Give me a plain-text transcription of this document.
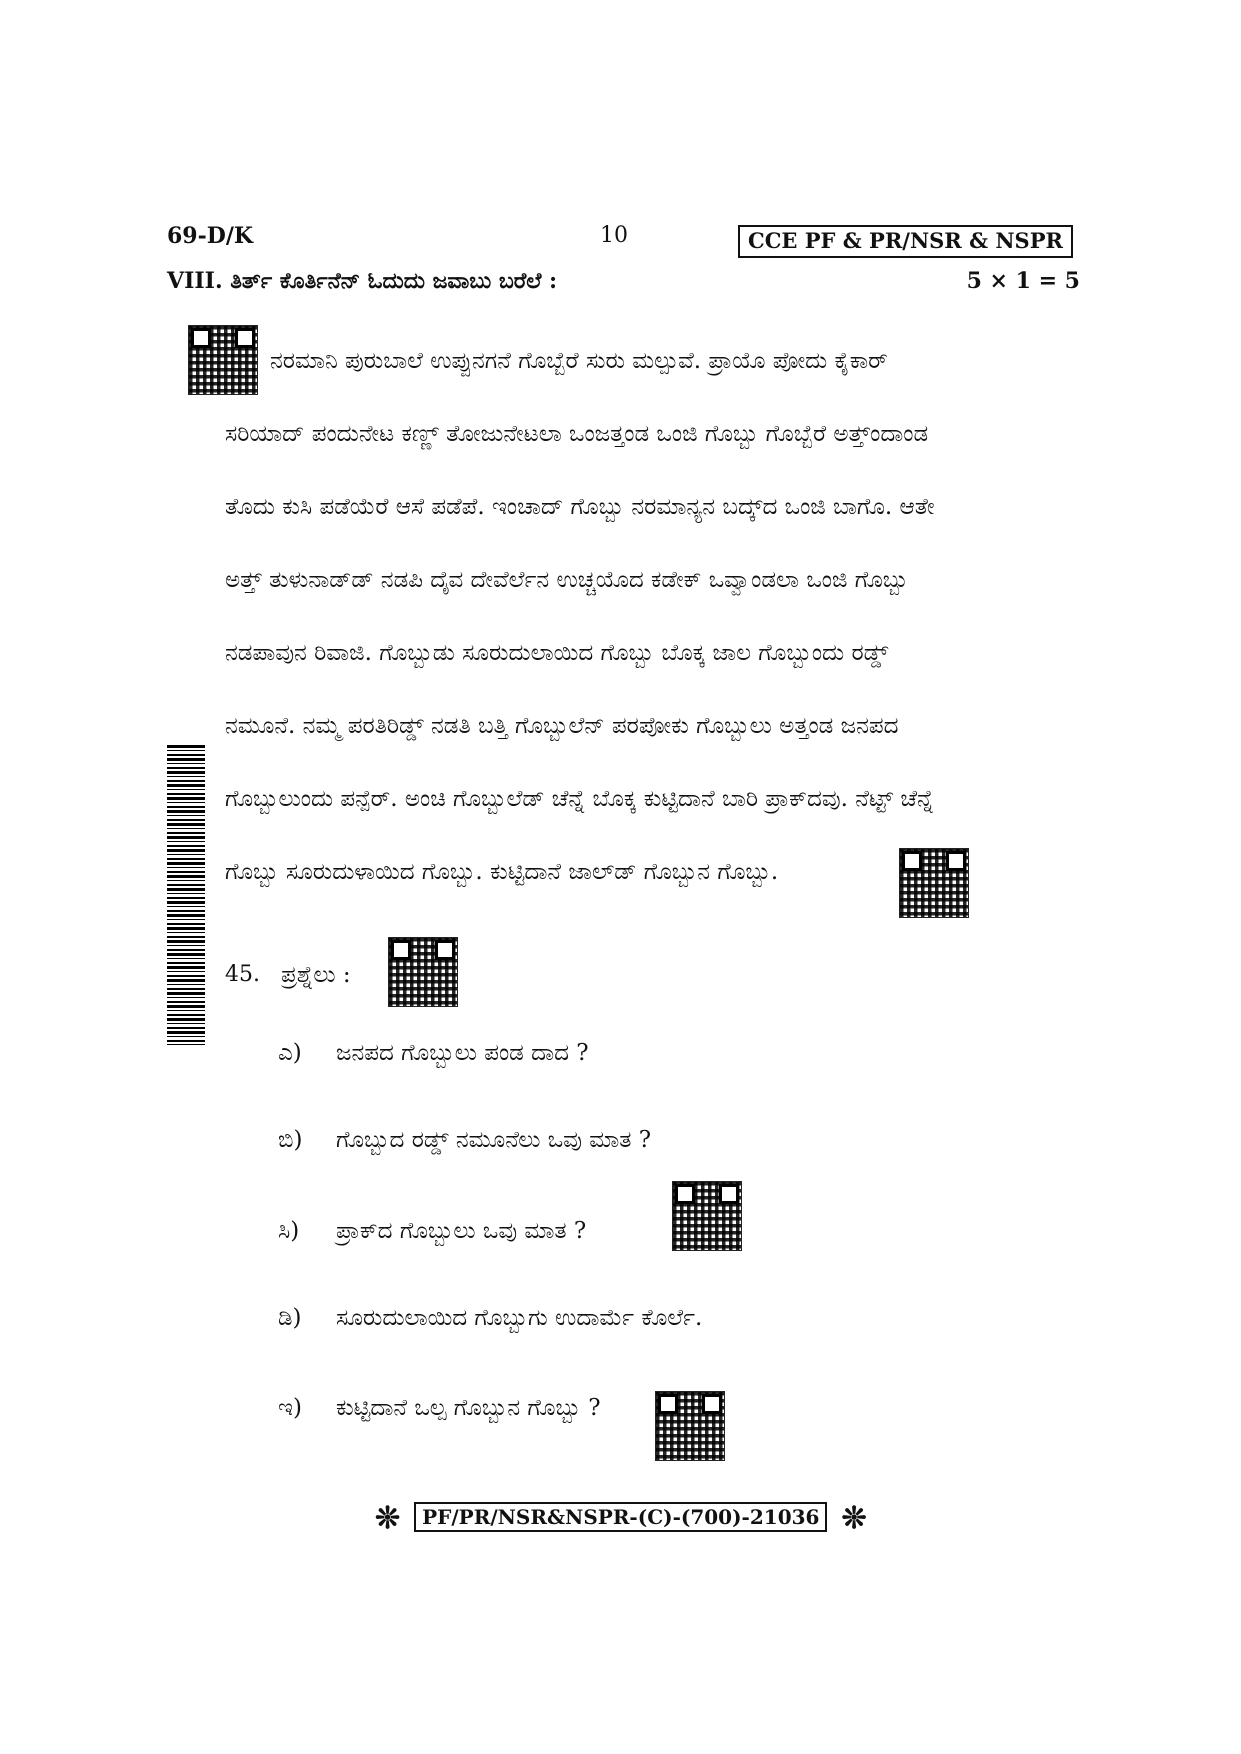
69-D/K	10	CCE PF & PR/NSR & NSPR
VIII. ತಿರ್ತ್ ಕೊರ್ತಿನೆನ್ ಓದುದು ಜವಾಬು ಬರೆಲೆ :	5 × 1 = 5
ನರಮಾನಿ ಪುರುಬಾಲೆ ಉಪ್ಪುನಗನೆ ಗೊಬ್ಬೆರೆ ಸುರು ಮಲ್ಪುವೆ. ಪ್ರಾಯೊ ಪೋದು ಕೈಕಾರ್
ಸರಿಯಾದ್ ಪಂದುನೇಟ ಕಣ್ಣ್ ತೋಜುನೇಟಲಾ ಒಂಜತ್ತಂಡ ಒಂಜಿ ಗೊಬ್ಬು ಗೊಬ್ಬೆರೆ ಅತ್ತ್‌ಂದಾಂಡ
ತೊದು ಕುಸಿ ಪಡೆಯೆರೆ ಆಸೆ ಪಡೆಪೆ. ಇಂಚಾದ್ ಗೊಬ್ಬು ನರಮಾನ್ಯನ ಬದ್ಕ್‌ದ ಒಂಜಿ ಬಾಗೊ. ಆತೇ
ಅತ್ತ್ ತುಳುನಾಡ್‌ಡ್ ನಡಪಿ ದೈವ ದೇವೆರ್ಲೆನ ಉಚ್ಚಯೊದ ಕಡೇಕ್ ಒವ್ವಾಂಡಲಾ ಒಂಜಿ ಗೊಬ್ಬು
ನಡಪಾವುನ ರಿವಾಜಿ. ಗೊಬ್ಬುಡು ಸೂರುದುಲಾಯಿದ ಗೊಬ್ಬು ಬೊಕ್ಕ ಜಾಲ ಗೊಬ್ಬುಂದು ರಡ್ಡ್
ನಮೂನೆ. ನಮ್ಮ ಪರತಿರಿಡ್ಡ್ ನಡತಿ ಬತ್ತಿ ಗೊಬ್ಬುಲೆನ್ ಪರಪೋಕು ಗೊಬ್ಬುಲು ಅತ್ತಂಡ ಜನಪದ
ಗೊಬ್ಬುಲುಂದು ಪನ್ಪೆರ್. ಅಂಚಿ ಗೊಬ್ಬುಲೆಡ್ ಚೆನ್ನೆ ಬೊಕ್ಕ ಕುಟ್ಟಿದಾನೆ ಬಾರಿ ಪ್ರಾಕ್‌ದವು. ನೆಟ್ಟ್ ಚೆನ್ನೆ
ಗೊಬ್ಬು ಸೂರುದುಳಾಯಿದ ಗೊಬ್ಬು. ಕುಟ್ಟಿದಾನೆ ಜಾಲ್‌ಡ್ ಗೊಬ್ಬುನ ಗೊಬ್ಬು.
45. ಪ್ರಶ್ನೆಲು :
ಎ) ಜನಪದ ಗೊಬ್ಬುಲು ಪಂಡ ದಾದ ?
ಬಿ) ಗೊಬ್ಬುದ ರಡ್ಡ್ ನಮೂನೆಲು ಒವು ಮಾತ ?
ಸಿ) ಪ್ರಾಕ್‌ದ ಗೊಬ್ಬುಲು ಒವು ಮಾತ ?
ಡಿ) ಸೂರುದುಲಾಯಿದ ಗೊಬ್ಬುಗು ಉದಾರ್ಮೆ ಕೊರ್ಲೆ.
ಇ) ಕುಟ್ಟಿದಾನೆ ಒಲ್ಪ ಗೊಬ್ಬುನ ಗೊಬ್ಬು ?
❊ PF/PR/NSR&NSPR-(C)-(700)-21036 ❊
